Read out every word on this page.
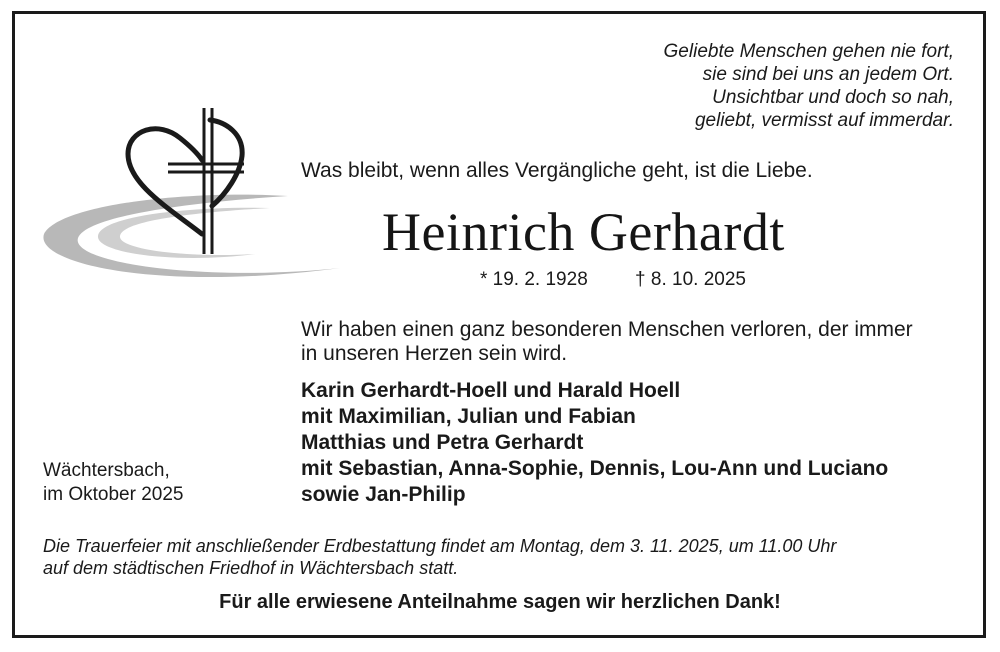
Geliebte Menschen gehen nie fort,
sie sind bei uns an jedem Ort.
Unsichtbar und doch so nah,
geliebt, vermisst auf immerdar.
Was bleibt, wenn alles Vergängliche geht, ist die Liebe.
Heinrich Gerhardt
* 19. 2. 1928 † 8. 10. 2025
Wir haben einen ganz besonderen Menschen verloren, der immer
in unseren Herzen sein wird.
Karin Gerhardt-Hoell und Harald Hoell
mit Maximilian, Julian und Fabian
Matthias und Petra Gerhardt
mit Sebastian, Anna-Sophie, Dennis, Lou-Ann und Luciano
sowie Jan-Philip
Wächtersbach,
im Oktober 2025
Die Trauerfeier mit anschließender Erdbestattung findet am Montag, dem 3. 11. 2025, um 11.00 Uhr
auf dem städtischen Friedhof in Wächtersbach statt.
Für alle erwiesene Anteilnahme sagen wir herzlichen Dank!
